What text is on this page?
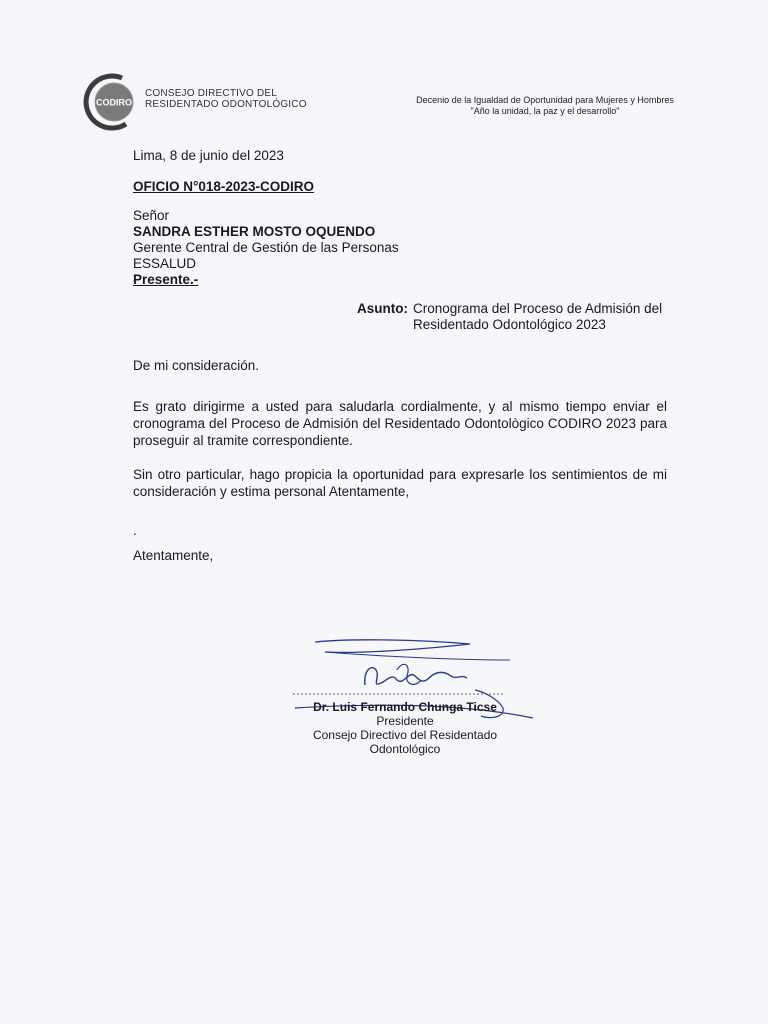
CODIRO
CONSEJO DIRECTIVO DEL
RESIDENTADO ODONTOLÓGICO	Decenio de la Igualdad de Oportunidad para Mujeres y Hombres
"Año la unidad, la paz y el desarrollo"
Lima, 8 de junio del 2023
OFICIO N°018-2023-CODIRO
Señor
SANDRA ESTHER MOSTO OQUENDO
Gerente Central de Gestión de las Personas
ESSALUD
Presente.-
Asunto: Cronograma del Proceso de Admisión del
Residentado Odontológico 2023
De mi consideración.
Es grato dirigirme a usted para saludarla cordialmente, y al mismo tiempo enviar el cronograma del Proceso de Admisión del Residentado Odontològico CODIRO 2023 para proseguir al tramite correspondiente.
Sin otro particular, hago propicia la oportunidad para expresarle los sentimientos de mi consideración y estima personal Atentamente,
.
Atentamente,
Dr. Luis Fernando Chunga Ticse
Presidente
Consejo Directivo del Residentado
Odontológico
